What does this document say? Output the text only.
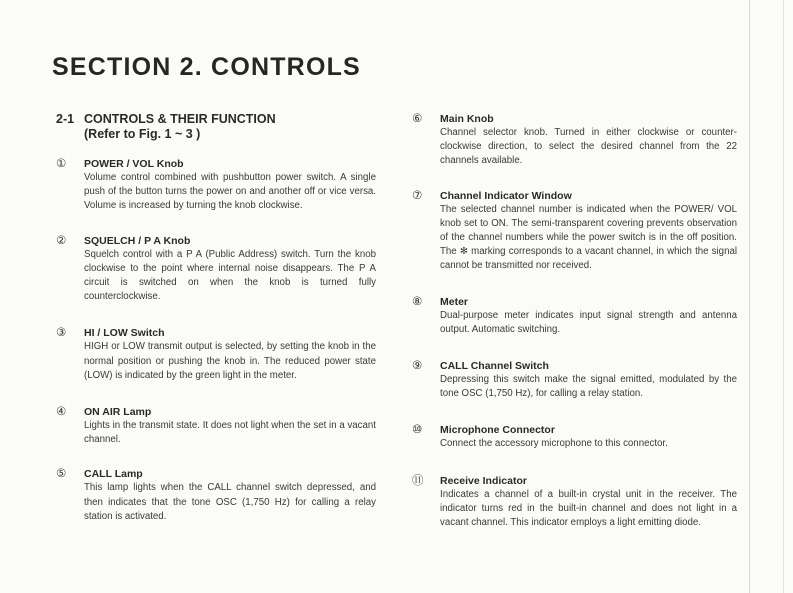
SECTION 2. CONTROLS
2-1 CONTROLS & THEIR FUNCTION
(Refer to Fig. 1 ~ 3 )
① POWER / VOL Knob

Volume control combined with pushbutton power switch. A single push of the button turns the power on and another off or vice versa. Volume is increased by turning the knob clockwise.

② SQUELCH / P A Knob

Squelch control with a P A (Public Address) switch. Turn the knob clockwise to the point where internal noise disappears. The P A circuit is switched on when the knob is turned fully counterclockwise.

③ HI / LOW Switch

HIGH or LOW transmit output is selected, by setting the knob in the normal position or pushing the knob in. The reduced power state (LOW) is indicated by the green light in the meter.

④ ON AIR Lamp

Lights in the transmit state. It does not light when the set in a vacant channel.

⑤ CALL Lamp

This lamp lights when the CALL channel switch depressed, and then indicates that the tone OSC (1,750 Hz) for calling a relay station is activated.

⑥ Main Knob

Channel selector knob. Turned in either clockwise or counter-clockwise direction, to select the desired channel from the 22 channels available.

⑦ Channel Indicator Window

The selected channel number is indicated when the POWER/ VOL knob set to ON. The semi-transparent covering prevents observation of the channel numbers while the power switch is in the off position. The ✻ marking corresponds to a vacant channel, in which the signal cannot be transmitted nor received.

⑧ Meter

Dual-purpose meter indicates input signal strength and antenna output. Automatic switching.

⑨ CALL Channel Switch

Depressing this switch make the signal emitted, modulated by the tone OSC (1,750 Hz), for calling a relay station.

⑩ Microphone Connector

Connect the accessory microphone to this connector.

⑪ Receive Indicator

Indicates a channel of a built-in crystal unit in the receiver. The indicator turns red in the built-in channel and does not light in a vacant channel. This indicator employs a light emitting diode.
